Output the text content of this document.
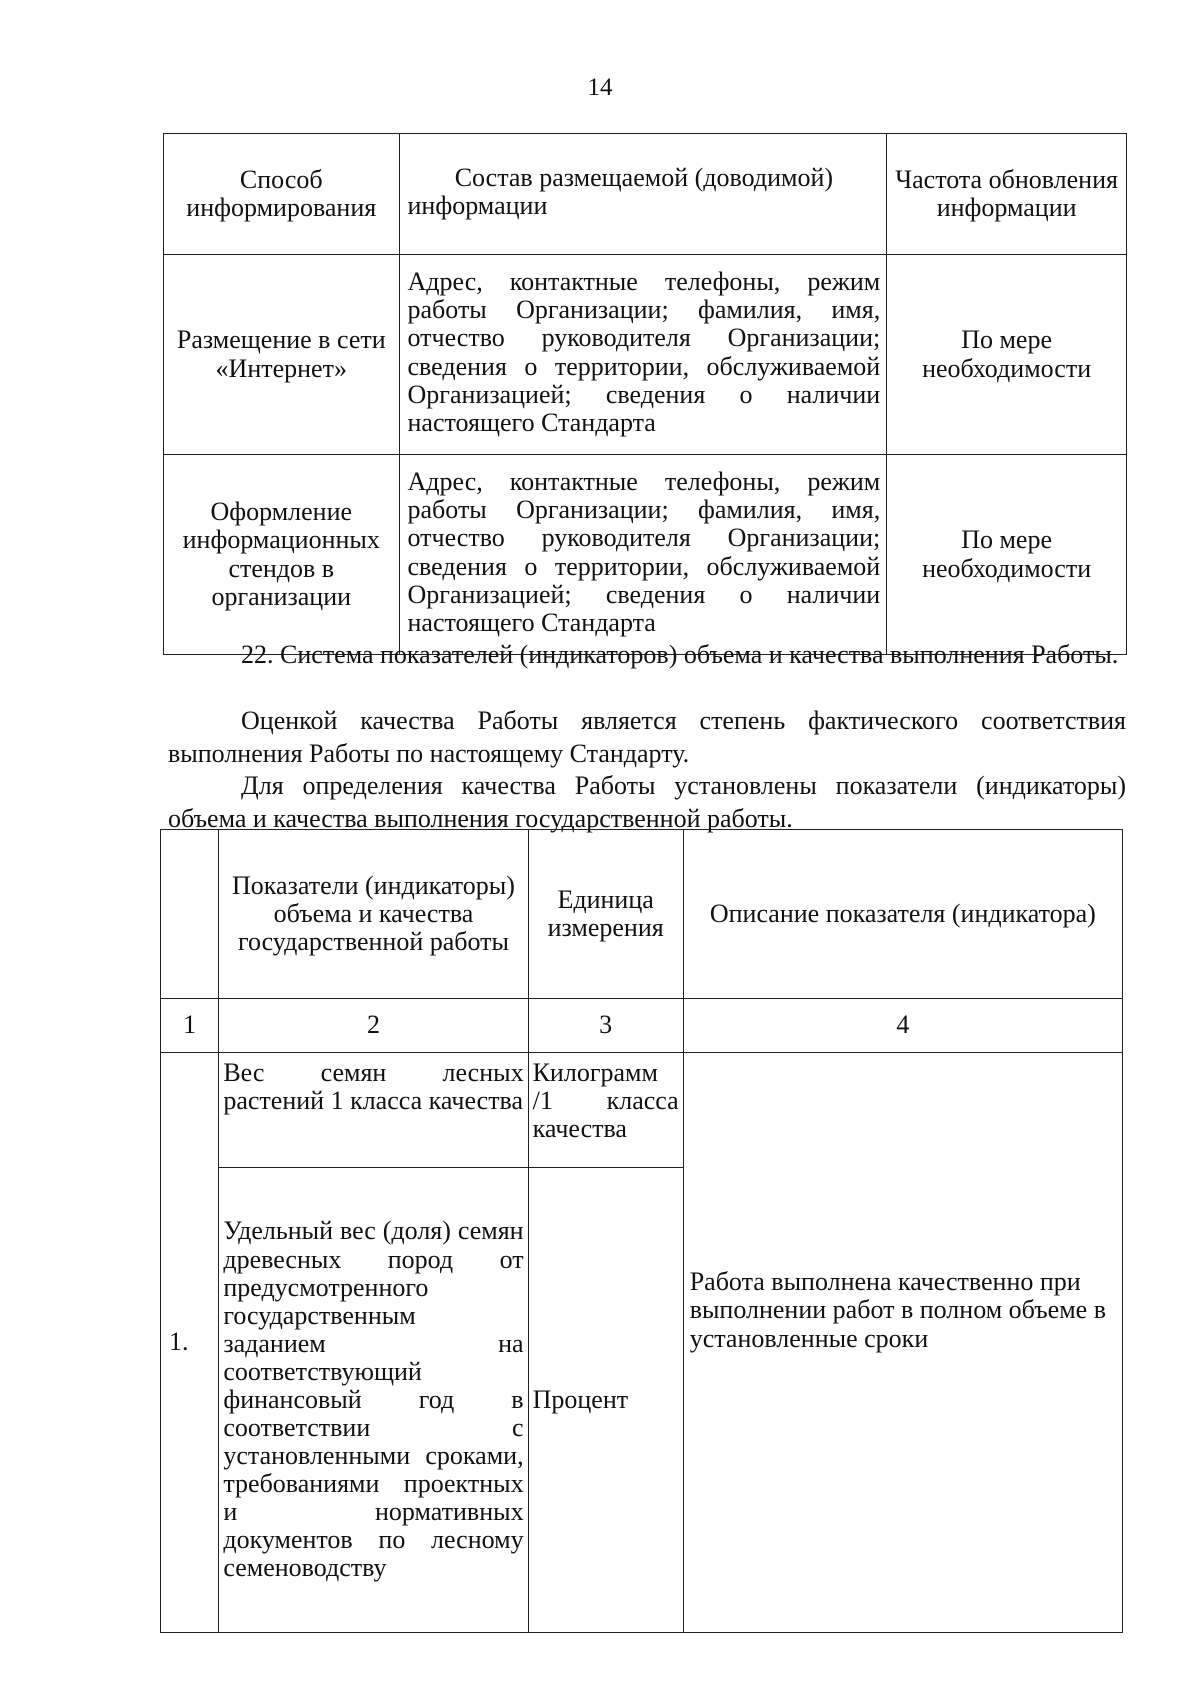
14
Способ информирования	Состав размещаемой (доводимой) информации	Частота обновления информации
Размещение в сети «Интернет»	Адрес, контактные телефоны, режим работы Организации; фамилия, имя, отчество руководителя Организации; сведения о территории, обслуживаемой Организацией; сведения о наличии настоящего Стандарта	По мере необходимости
Оформление информационных стендов в организации	Адрес, контактные телефоны, режим работы Организации; фамилия, имя, отчество руководителя Организации; сведения о территории, обслуживаемой Организацией; сведения о наличии настоящего Стандарта	По мере необходимости
22. Система показателей (индикаторов) объема и качества выполнения Работы.
Оценкой качества Работы является степень фактического соответствия выполнения Работы по настоящему Стандарту.
Для определения качества Работы установлены показатели (индикаторы) объема и качества выполнения государственной работы.
	Показатели (индикаторы) объема и качества государственной работы	Единица измерения	Описание показателя (индикатора)
1	2	3	4
1.	Вес семян лесных растений 1 класса качества	Килограмм /1 класса качества	Работа выполнена качественно при выполнении работ в полном объеме в установленные сроки
	Удельный вес (доля) семян древесных пород от предусмотренного государственным заданием на соответствующий финансовый год в соответствии с установленными сроками, требованиями проектных и нормативных документов по лесному семеноводству	Процент	
